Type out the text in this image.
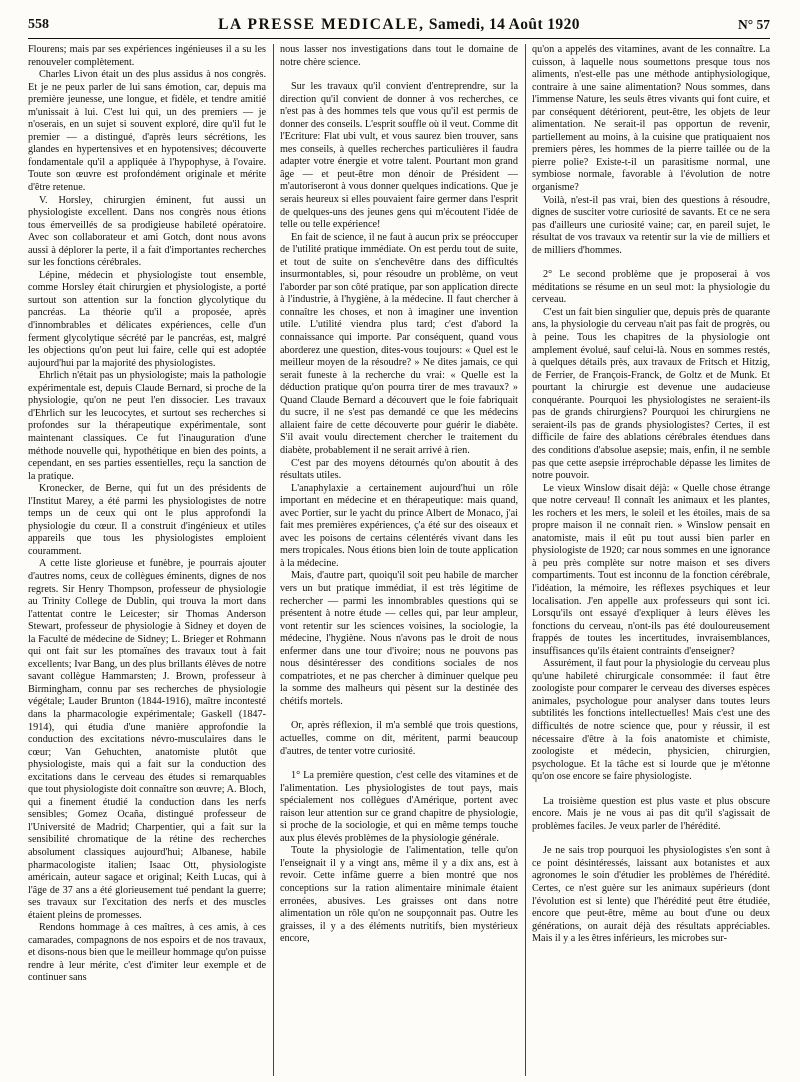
558	LA PRESSE MEDICALE, Samedi, 14 Août 1920	N° 57

Flourens; mais par ses expériences ingénieuses il a su les renouveler complètement.

Charles Livon était un des plus assidus à nos congrès. Et je ne peux parler de lui sans émotion, car, depuis ma première jeunesse, une longue, et fidèle, et tendre amitié m'unissait à lui. C'est lui qui, un des premiers — je n'oserais, en un sujet si souvent exploré, dire qu'il fut le premier — a distingué, d'après leurs sécrétions, les glandes en hypertensives et en hypotensives; découverte fondamentale qu'il a appliquée à l'hypophyse, à l'ovaire. Toute son œuvre est profondément originale et mérite d'être retenue.

V. Horsley, chirurgien éminent, fut aussi un physiologiste excellent. Dans nos congrès nous étions tous émerveillés de sa prodigieuse habileté opératoire. Avec son collaborateur et ami Gotch, dont nous avons aussi à déplorer la perte, il a fait d'importantes recherches sur les fonctions cérébrales.

Lépine, médecin et physiologiste tout ensemble, comme Horsley était chirurgien et physiologiste, a porté surtout son attention sur la fonction glycolytique du pancréas. La théorie qu'il a proposée, après d'innombrables et délicates expériences, celle d'un ferment glycolytique sécrété par le pancréas, est, malgré les objections qu'on peut lui faire, celle qui est adoptée aujourd'hui par la majorité des physiologistes.

Ehrlich n'était pas un physiologiste; mais la pathologie expérimentale est, depuis Claude Bernard, si proche de la physiologie, qu'on ne peut l'en dissocier. Les travaux d'Ehrlich sur les leucocytes, et surtout ses recherches si profondes sur la thérapeutique expérimentale, sont maintenant classiques. Ce fut l'inauguration d'une méthode nouvelle qui, hypothétique en bien des points, a cependant, en ses parties essentielles, reçu la sanction de la pratique.

Kronecker, de Berne, qui fut un des présidents de l'Institut Marey, a été parmi les physiologistes de notre temps un de ceux qui ont le plus approfondi la physiologie du cœur. Il a construit d'ingénieux et utiles appareils que tous les physiologistes emploient couramment.

A cette liste glorieuse et funèbre, je pourrais ajouter d'autres noms, ceux de collègues éminents, dignes de nos regrets. Sir Henry Thompson, professeur de physiologie au Trinity College de Dublin, qui trouva la mort dans l'attentat contre le Leicester; sir Thomas Anderson Stewart, professeur de physiologie à Sidney et doyen de la Faculté de médecine de Sidney; L. Brieger et Rohmann qui ont fait sur les ptomaïnes des travaux tout à fait excellents; Ivar Bang, un des plus brillants élèves de notre savant collègue Hammarsten; J. Brown, professeur à Birmingham, connu par ses recherches de physiologie végétale; Lauder Brunton (1844-1916), maître incontesté dans la pharmacologie expérimentale; Gaskell (1847-1914), qui étudia d'une manière approfondie la conduction des excitations névro-musculaires dans le cœur; Van Gehuchten, anatomiste plutôt que physiologiste, mais qui a fait sur la conduction des excitations dans le cerveau des études si remarquables que tout physiologiste doit connaître son œuvre; A. Bloch, qui a finement étudié la conduction dans les nerfs sensibles; Gomez Ocaña, distingué professeur de l'Université de Madrid; Charpentier, qui a fait sur la sensibilité chromatique de la rétine des recherches absolument classiques aujourd'hui; Albanese, habile pharmacologiste italien; Isaac Ott, physiologiste américain, auteur sagace et original; Keith Lucas, qui à l'âge de 37 ans a été glorieusement tué pendant la guerre; ses travaux sur l'excitation des nerfs et des muscles étaient pleins de promesses.

Rendons hommage à ces maîtres, à ces amis, à ces camarades, compagnons de nos espoirs et de nos travaux, et disons-nous bien que le meilleur hommage qu'on puisse rendre à leur mérite, c'est d'imiter leur exemple et de continuer sans

nous lasser nos investigations dans tout le domaine de notre chère science.

Sur les travaux qu'il convient d'entreprendre, sur la direction qu'il convient de donner à vos recherches, ce n'est pas à des hommes tels que vous qu'il est permis de donner des conseils. L'esprit souffle où il veut. Comme dit l'Ecriture: Flat ubi vult, et vous saurez bien trouver, sans mes conseils, à quelles recherches particulières il faudra adapter votre énergie et votre talent. Pourtant mon grand âge — et peut-être mon dénoir de Président — m'autoriseront à vous donner quelques indications. Que je serais heureux si elles pouvaient faire germer dans l'esprit de quelques-uns des jeunes gens qui m'écoutent l'idée de telle ou telle expérience!

En fait de science, il ne faut à aucun prix se préoccuper de l'utilité pratique immédiate. On est perdu tout de suite, et tout de suite on s'enchevêtre dans des difficultés insurmontables, si, pour résoudre un problème, on veut l'aborder par son côté pratique, par son application directe à l'industrie, à l'hygiène, à la médecine. Il faut chercher à connaître les choses, et non à imaginer une invention utile. L'utilité viendra plus tard; c'est d'abord la connaissance qui importe. Par conséquent, quand vous aborderez une question, dites-vous toujours: « Quel est le meilleur moyen de la résoudre? » Ne dites jamais, ce qui serait funeste à la recherche du vrai: « Quelle est la déduction pratique qu'on pourra tirer de mes travaux? » Quand Claude Bernard a découvert que le foie fabriquait du sucre, il ne s'est pas demandé ce que les médecins allaient faire de cette découverte pour guérir le diabète. S'il avait voulu directement chercher le traitement du diabète, probablement il ne serait arrivé à rien.

C'est par des moyens détournés qu'on aboutit à des résultats utiles.

L'anaphylaxie a certainement aujourd'hui un rôle important en médecine et en thérapeutique: mais quand, avec Portier, sur le yacht du prince Albert de Monaco, j'ai fait mes premières expériences, ç'a été sur des oiseaux et avec les poisons de certains célentérés vivant dans les mers tropicales. Nous étions bien loin de toute application à la médecine.

Mais, d'autre part, quoiqu'il soit peu habile de marcher vers un but pratique immédiat, il est très légitime de rechercher — parmi les innombrables questions qui se présentent à notre étude — celles qui, par leur ampleur, vont retentir sur les sciences voisines, la sociologie, la médecine, l'hygiène. Nous n'avons pas le droit de nous enfermer dans une tour d'ivoire; nous ne pouvons pas nous désintéresser des conditions sociales de nos compatriotes, et ne pas chercher à diminuer quelque peu la somme des malheurs qui pèsent sur la destinée des chétifs mortels.

Or, après réflexion, il m'a semblé que trois questions, actuelles, comme on dit, méritent, parmi beaucoup d'autres, de tenter votre curiosité.

1° La première question, c'est celle des vitamines et de l'alimentation. Les physiologistes de tout pays, mais spécialement nos collègues d'Amérique, portent avec raison leur attention sur ce grand chapitre de physiologie, si proche de la sociologie, et qui en même temps touche aux plus élevés problèmes de la physiologie générale.

Toute la physiologie de l'alimentation, telle qu'on l'enseignait il y a vingt ans, même il y a dix ans, est à revoir. Cette infâme guerre a bien montré que nos conceptions sur la ration alimentaire minimale étaient erronées, abusives. Les graisses ont dans notre alimentation un rôle qu'on ne soupçonnait pas. Outre les graisses, il y a des éléments nutritifs, bien mystérieux encore,

qu'on a appelés des vitamines, avant de les connaître. La cuisson, à laquelle nous soumettons presque tous nos aliments, n'est-elle pas une méthode antiphysiologique, contraire à une saine alimentation? Nous sommes, dans l'immense Nature, les seuls êtres vivants qui font cuire, et par conséquent détériorent, peut-être, les objets de leur alimentation. Ne serait-il pas opportun de revenir, partiellement au moins, à la cuisine que pratiquaient nos premiers pères, les hommes de la pierre taillée ou de la pierre polie? Existe-t-il un parasitisme normal, une symbiose normale, favorable à l'évolution de notre organisme?

Voilà, n'est-il pas vrai, bien des questions à résoudre, dignes de susciter votre curiosité de savants. Et ce ne sera pas d'ailleurs une curiosité vaine; car, en pareil sujet, le résultat de vos travaux va retentir sur la vie de milliers et de milliers d'hommes.

2° Le second problème que je proposerai à vos méditations se résume en un seul mot: la physiologie du cerveau.

C'est un fait bien singulier que, depuis près de quarante ans, la physiologie du cerveau n'ait pas fait de progrès, ou à peine. Tous les chapitres de la physiologie ont amplement évolué, sauf celui-là. Nous en sommes restés, à quelques détails près, aux travaux de Fritsch et Hitzig, de Ferrier, de François-Franck, de Goltz et de Munk. Et pourtant la chirurgie est devenue une audacieuse conquérante. Pourquoi les physiologistes ne seraient-ils pas de grands chirurgiens? Pourquoi les chirurgiens ne seraient-ils pas de grands physiologistes? Certes, il est difficile de faire des ablations cérébrales étendues dans des conditions d'absolue asepsie; mais, enfin, il ne semble pas que cette asepsie irréprochable dépasse les limites de notre pouvoir.

Le vieux Winslow disait déjà: « Quelle chose étrange que notre cerveau! Il connaît les animaux et les plantes, les rochers et les mers, le soleil et les étoiles, mais de sa propre maison il ne connaît rien. » Winslow pensait en anatomiste, mais il eût pu tout aussi bien parler en physiologiste de 1920; car nous sommes en une ignorance à peu près complète sur notre maison et ses divers compartiments. Tout est inconnu de la fonction cérébrale, l'idéation, la mémoire, les réflexes psychiques et leur localisation. J'en appelle aux professeurs qui sont ici. Lorsqu'ils ont essayé d'expliquer à leurs élèves les fonctions du cerveau, n'ont-ils pas été douloureusement frappés de toutes les incertitudes, invraisemblances, insuffisances qu'ils étaient contraints d'enseigner?

Assurément, il faut pour la physiologie du cerveau plus qu'une habileté chirurgicale consommée: il faut être zoologiste pour comparer le cerveau des diverses espèces animales, psychologue pour analyser dans toutes leurs subtilités les fonctions intellectuelles! Mais c'est une des difficultés de notre science que, pour y réussir, il est nécessaire d'être à la fois anatomiste et chimiste, zoologiste et médecin, physicien, chirurgien, psychologue. Et la tâche est si lourde que je m'étonne qu'on ose encore se faire physiologiste.

La troisième question est plus vaste et plus obscure encore. Mais je ne vous ai pas dit qu'il s'agissait de problèmes faciles. Je veux parler de l'hérédité.

Je ne sais trop pourquoi les physiologistes s'en sont à ce point désintéressés, laissant aux botanistes et aux agronomes le soin d'étudier les problèmes de l'hérédité. Certes, ce n'est guère sur les animaux supérieurs (dont l'évolution est si lente) que l'hérédité peut être étudiée, encore que peut-être, même au bout d'une ou deux générations, on aurait déjà des résultats appréciables. Mais il y a les êtres inférieurs, les microbes sur-
